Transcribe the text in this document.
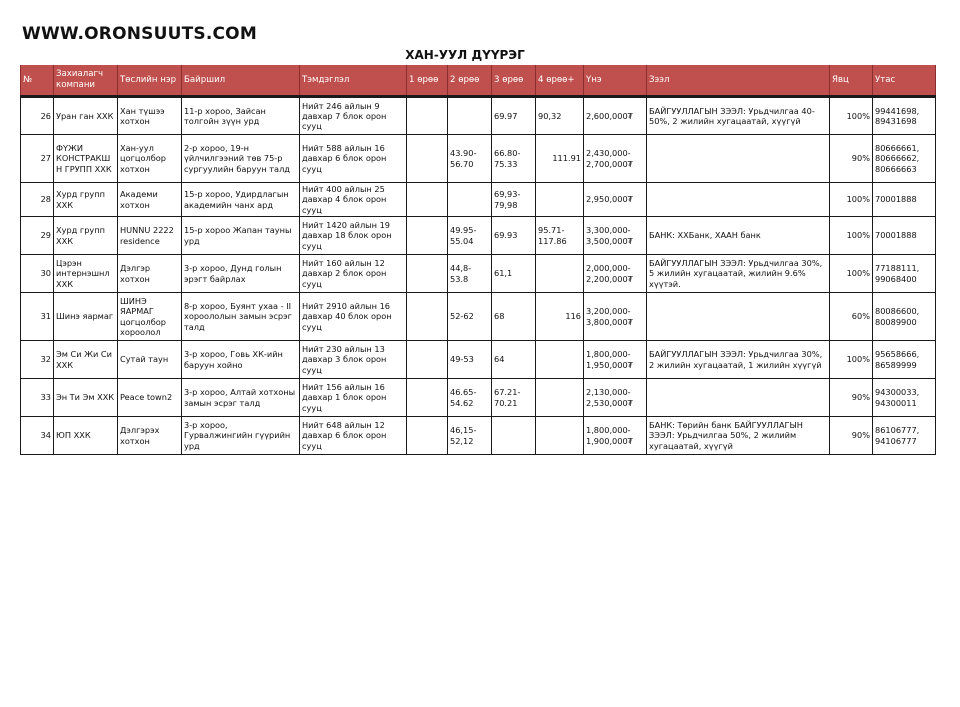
WWW.ORONSUUTS.COM
ХАН-УУЛ ДҮҮРЭГ
№	Захиалагч компани	Төслийн нэр	Байршил	Тэмдэглэл	1 өрөө	2 өрөө	3 өрөө	4 өрөө+	Үнэ	Зээл	Явц	Утас
26	Уран ган ХХК	Хан түшээ хотхон	11-р хороо, Зайсан толгойн зүүн урд	Нийт 246 айлын 9 давхар 7 блок орон сууц			69.97	90,32	2,600,000₮	БАЙГУУЛЛАГЫН ЗЭЭЛ: Урьдчилгаа 40-50%, 2 жилийн хугацаатай, хүүгүй	100%	99441698, 89431698
27	ФҮЖИ КОНСТРАКШН ГРУПП ХХК	Хан-уул цогцолбор хотхон	2-р хороо, 19-н үйлчилгээний төв 75-р сургуулийн баруун талд	Нийт 588 айлын 16 давхар 6 блок орон сууц		43.90-56.70	66.80-75.33	111.91	2,430,000-2,700,000₮		90%	80666661, 80666662, 80666663
28	Хурд групп ХХК	Академи хотхон	15-р хороо, Удирдлагын академийн чанх ард	Нийт 400 айлын 25 давхар 4 блок орон сууц			69,93-79,98		2,950,000₮		100%	70001888
29	Хурд групп ХХК	HUNNU 2222 residence	15-р хороо Жапан тауны урд	Нийт 1420 айлын 19 давхар 18 блок орон сууц		49.95-55.04	69.93	95.71-117.86	3,300,000-3,500,000₮	БАНК: ХХБанк, ХААН банк	100%	70001888
30	Цэрэн интернэшнл ХХК	Дэлгэр хотхон	3-р хороо, Дунд голын эрэгт байрлах	Нийт 160 айлын 12 давхар 2 блок орон сууц		44,8-53.8	61,1		2,000,000-2,200,000₮	БАЙГУУЛЛАГЫН ЗЭЭЛ: Урьдчилгаа 30%, 5 жилийн хугацаатай, жилийн 9.6% хүүтэй.	100%	77188111, 99068400
31	Шинэ яармаг	ШИНЭ ЯАРМАГ цогцолбор хороолол	8-р хороо, Буянт ухаа - II хороололын замын эсрэг талд	Нийт 2910 айлын 16 давхар 40 блок орон сууц		52-62	68	116	3,200,000-3,800,000₮		60%	80086600, 80089900
32	Эм Си Жи Си ХХК	Сутай таун	3-р хороо, Говь ХК-ийн баруун хойно	Нийт 230 айлын 13 давхар 3 блок орон сууц		49-53	64		1,800,000-1,950,000₮	БАЙГУУЛЛАГЫН ЗЭЭЛ: Урьдчилгаа 30%, 2 жилийн хугацаатай, 1 жилийн хүүгүй	100%	95658666, 86589999
33	Эн Ти Эм ХХК	Peace town2	3-р хороо, Алтай хотхоны замын эсрэг талд	Нийт 156 айлын 16 давхар 1 блок орон сууц		46.65-54.62	67.21-70.21		2,130,000-2,530,000₮		90%	94300033, 94300011
34	ЮП ХХК	Дэлгэрэх хотхон	3-р хороо, Гурвалжингийн гүүрийн урд	Нийт 648 айлын 12 давхар 6 блок орон сууц		46,15-52,12			1,800,000-1,900,000₮	БАНК: Төрийн банк БАЙГУУЛЛАГЫН ЗЭЭЛ: Урьдчилгаа 50%, 2 жилийм хугацаатай, хүүгүй	90%	86106777, 94106777
